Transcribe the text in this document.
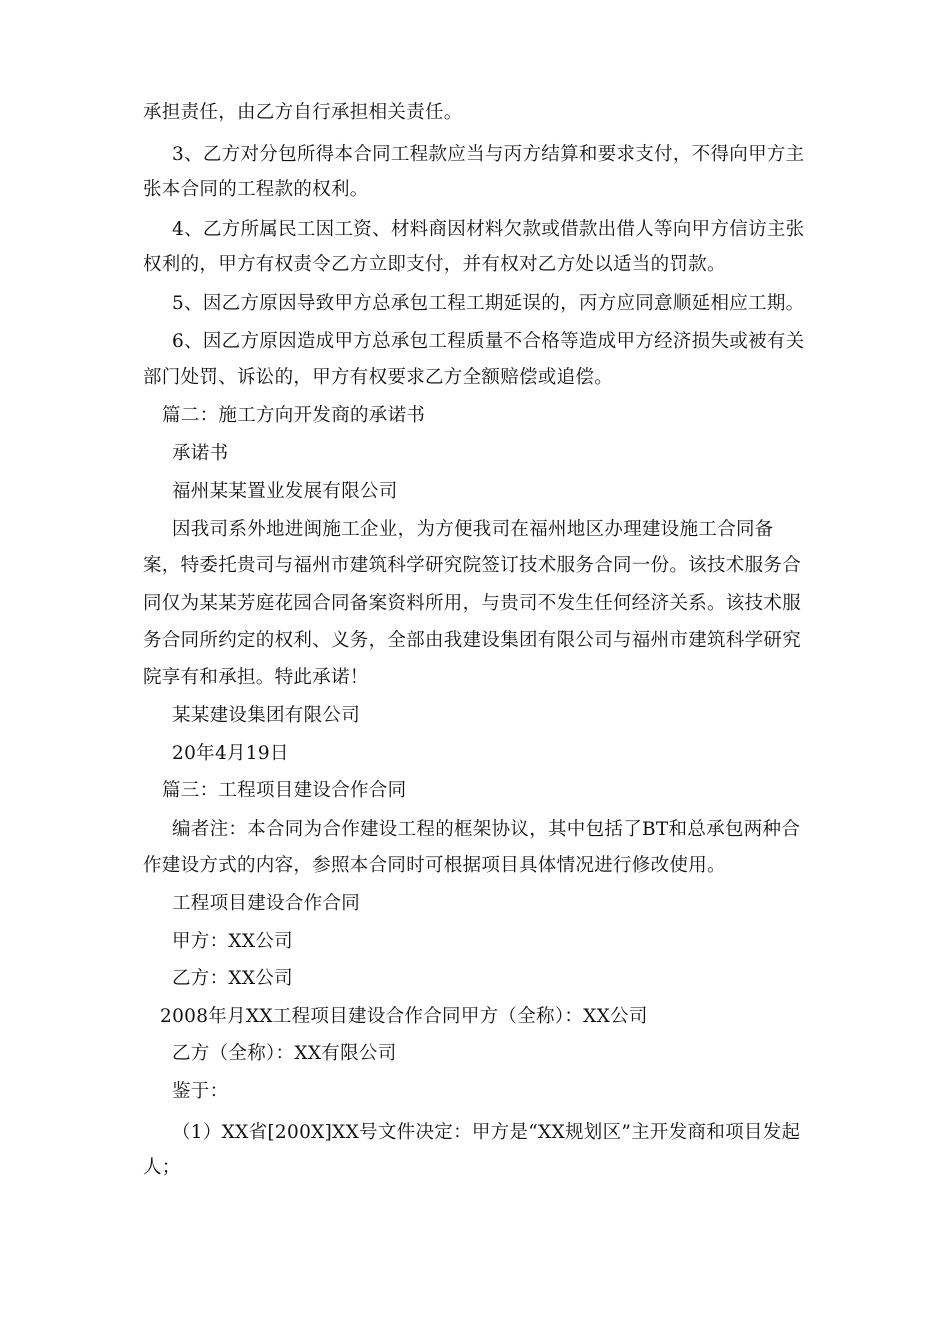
承担责任，由乙方自行承担相关责任。
3、乙方对分包所得本合同工程款应当与丙方结算和要求支付，不得向甲方主
张本合同的工程款的权利。
4、乙方所属民工因工资、材料商因材料欠款或借款出借人等向甲方信访主张
权利的，甲方有权责令乙方立即支付，并有权对乙方处以适当的罚款。
5、因乙方原因导致甲方总承包工程工期延误的，丙方应同意顺延相应工期。
6、因乙方原因造成甲方总承包工程质量不合格等造成甲方经济损失或被有关
部门处罚、诉讼的，甲方有权要求乙方全额赔偿或追偿。
篇二：施工方向开发商的承诺书
承诺书
福州某某置业发展有限公司
因我司系外地进闽施工企业，为方便我司在福州地区办理建设施工合同备
案，特委托贵司与福州市建筑科学研究院签订技术服务合同一份。该技术服务合
同仅为某某芳庭花园合同备案资料所用，与贵司不发生任何经济关系。该技术服
务合同所约定的权利、义务，全部由我建设集团有限公司与福州市建筑科学研究
院享有和承担。特此承诺！
某某建设集团有限公司
20年4月19日
篇三：工程项目建设合作合同
编者注：本合同为合作建设工程的框架协议，其中包括了BT和总承包两种合
作建设方式的内容，参照本合同时可根据项目具体情况进行修改使用。
工程项目建设合作合同
甲方：XX公司
乙方：XX公司
2008年月XX工程项目建设合作合同甲方（全称）：XX公司
乙方（全称）：XX有限公司
鉴于：
（1）XX省[200X]XX号文件决定：甲方是“XX规划区”主开发商和项目发起
人；
